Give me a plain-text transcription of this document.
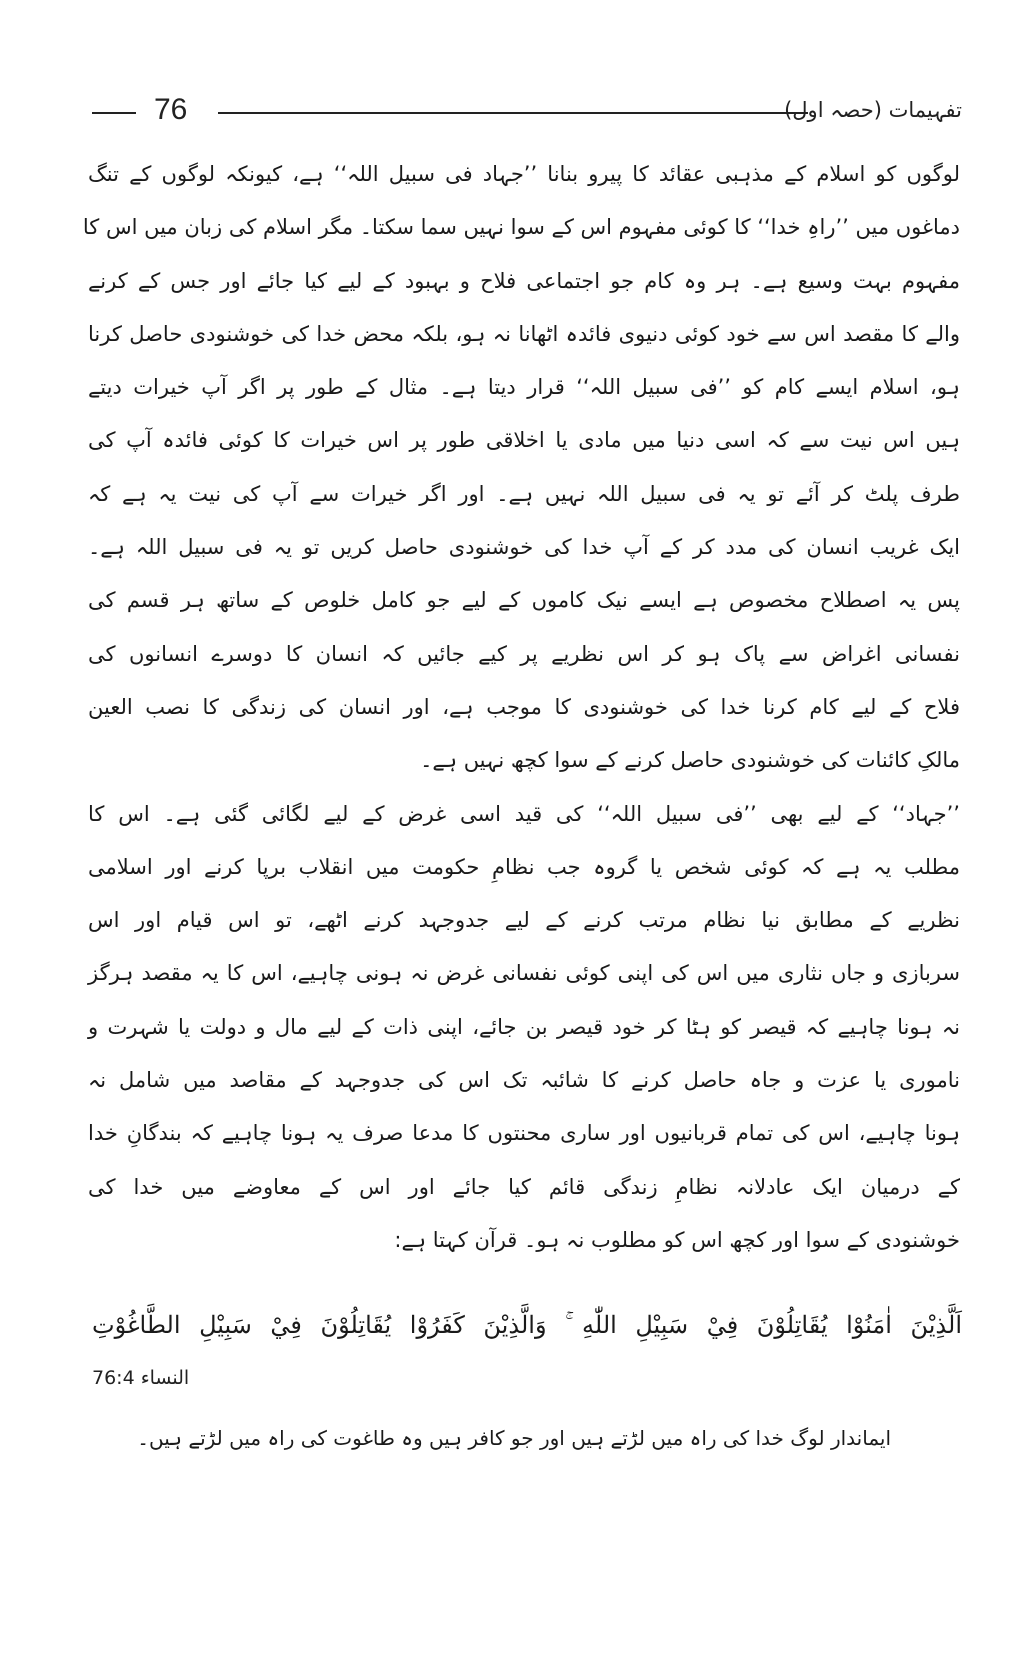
76	تفہیمات (حصہ اول)
لوگوں کو اسلام کے مذہبی عقائد کا پیرو بنانا ’’جہاد فی سبیل اللہ‘‘ ہے، کیونکہ لوگوں کے تنگ
دماغوں میں ’’راہِ خدا‘‘ کا کوئی مفہوم اس کے سوا نہیں سما سکتا۔ مگر اسلام کی زبان میں اس کا
مفہوم بہت وسیع ہے۔ ہر وہ کام جو اجتماعی فلاح و بہبود کے لیے کیا جائے اور جس کے کرنے
والے کا مقصد اس سے خود کوئی دنیوی فائدہ اٹھانا نہ ہو، بلکہ محض خدا کی خوشنودی حاصل کرنا
ہو، اسلام ایسے کام کو ’’فی سبیل اللہ‘‘ قرار دیتا ہے۔ مثال کے طور پر اگر آپ خیرات دیتے
ہیں اس نیت سے کہ اسی دنیا میں مادی یا اخلاقی طور پر اس خیرات کا کوئی فائدہ آپ کی
طرف پلٹ کر آئے تو یہ فی سبیل اللہ نہیں ہے۔ اور اگر خیرات سے آپ کی نیت یہ ہے کہ
ایک غریب انسان کی مدد کر کے آپ خدا کی خوشنودی حاصل کریں تو یہ فی سبیل اللہ ہے۔
پس یہ اصطلاح مخصوص ہے ایسے نیک کاموں کے لیے جو کامل خلوص کے ساتھ ہر قسم کی
نفسانی اغراض سے پاک ہو کر اس نظریے پر کیے جائیں کہ انسان کا دوسرے انسانوں کی
فلاح کے لیے کام کرنا خدا کی خوشنودی کا موجب ہے، اور انسان کی زندگی کا نصب العین
مالکِ کائنات کی خوشنودی حاصل کرنے کے سوا کچھ نہیں ہے۔
’’جہاد‘‘ کے لیے بھی ’’فی سبیل اللہ‘‘ کی قید اسی غرض کے لیے لگائی گئی ہے۔ اس کا
مطلب یہ ہے کہ کوئی شخص یا گروہ جب نظامِ حکومت میں انقلاب برپا کرنے اور اسلامی
نظریے کے مطابق نیا نظام مرتب کرنے کے لیے جدوجہد کرنے اٹھے، تو اس قیام اور اس
سربازی و جاں نثاری میں اس کی اپنی کوئی نفسانی غرض نہ ہونی چاہیے، اس کا یہ مقصد ہرگز
نہ ہونا چاہیے کہ قیصر کو ہٹا کر خود قیصر بن جائے، اپنی ذات کے لیے مال و دولت یا شہرت و
ناموری یا عزت و جاہ حاصل کرنے کا شائبہ تک اس کی جدوجہد کے مقاصد میں شامل نہ
ہونا چاہیے، اس کی تمام قربانیوں اور ساری محنتوں کا مدعا صرف یہ ہونا چاہیے کہ بندگانِ خدا
کے درمیان ایک عادلانہ نظامِ زندگی قائم کیا جائے اور اس کے معاوضے میں خدا کی
خوشنودی کے سوا اور کچھ اس کو مطلوب نہ ہو۔ قرآن کہتا ہے:
اَلَّذِيْنَ اٰمَنُوْا يُقَاتِلُوْنَ فِيْ سَبِيْلِ اللّٰهِ ۚ وَالَّذِيْنَ كَفَرُوْا يُقَاتِلُوْنَ فِيْ سَبِيْلِ الطَّاغُوْتِ
النساء 76:4
ایماندار لوگ خدا کی راہ میں لڑتے ہیں اور جو کافر ہیں وہ طاغوت کی راہ میں لڑتے ہیں۔
